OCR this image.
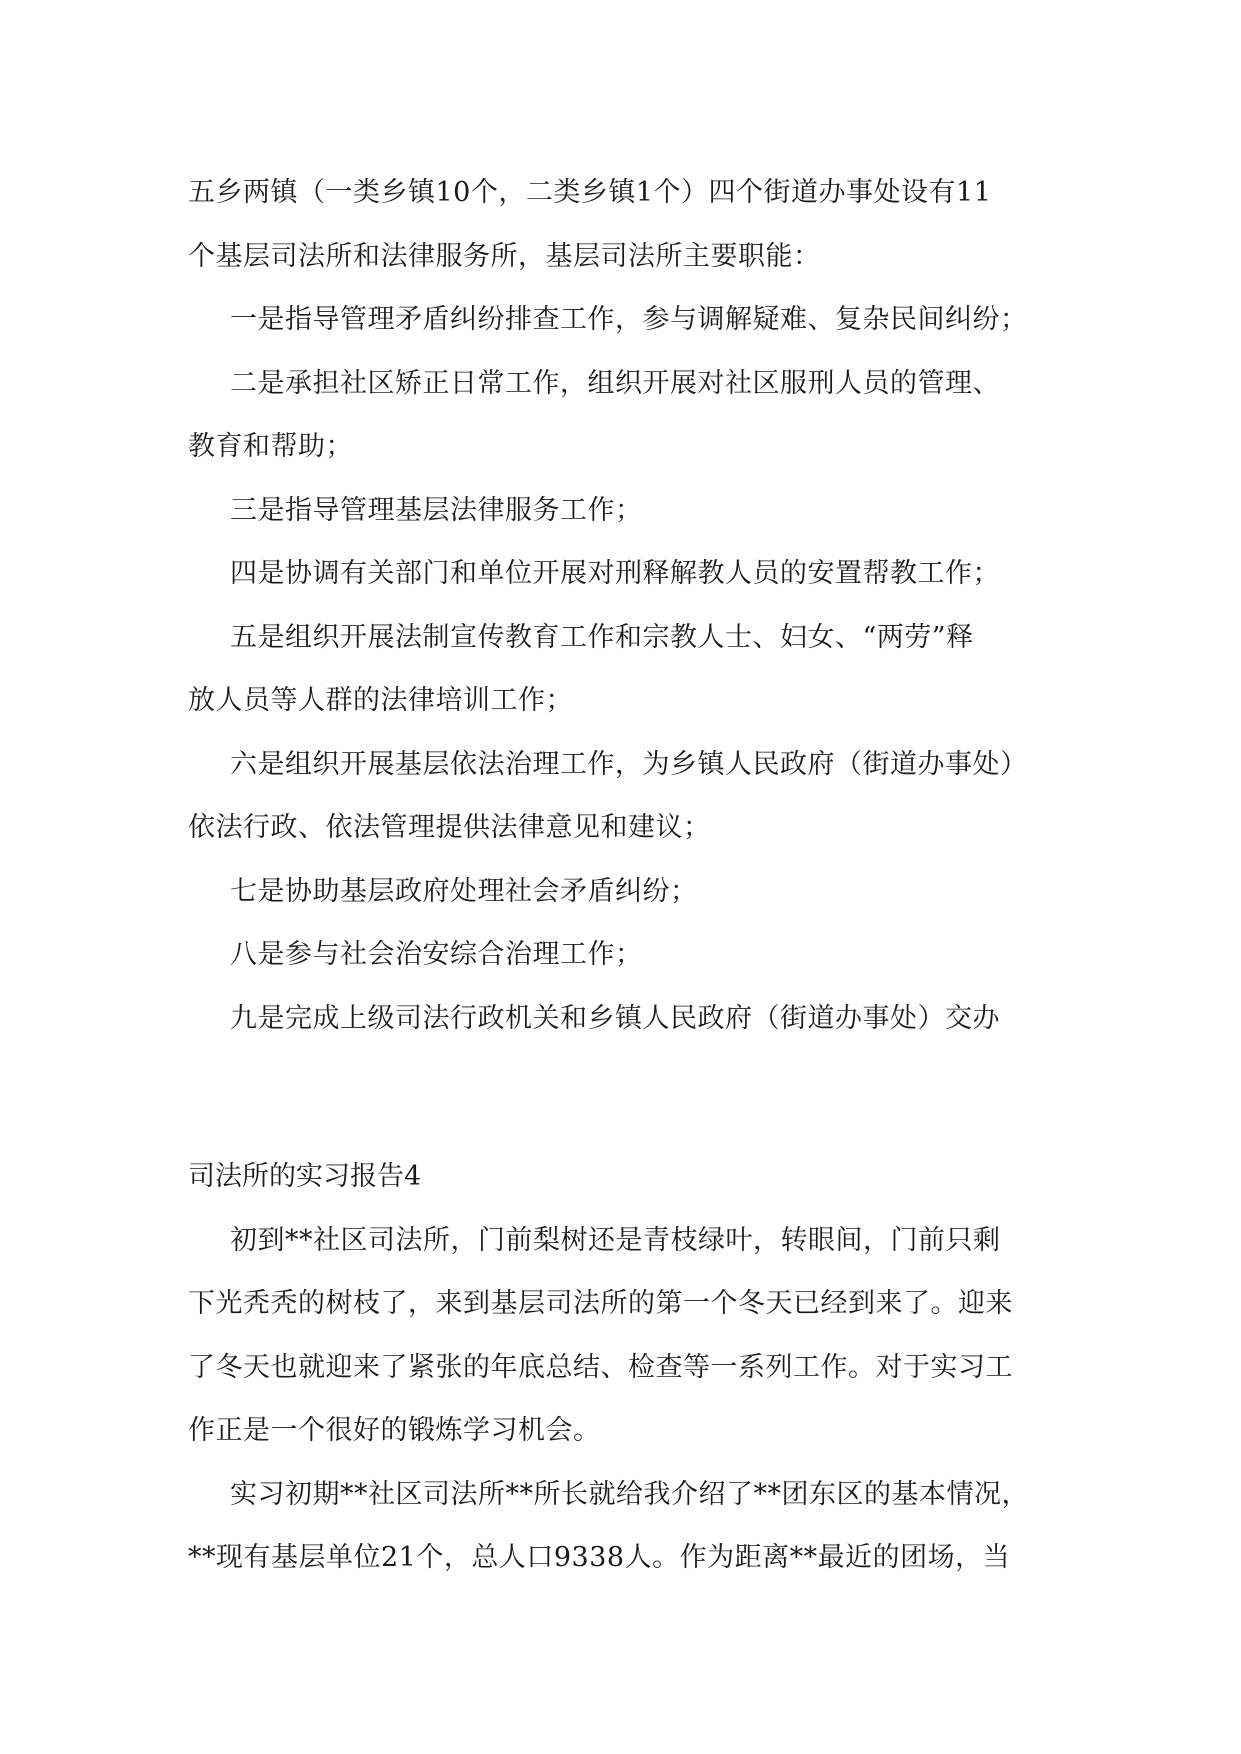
五乡两镇（一类乡镇10个，二类乡镇1个）四个街道办事处设有11
个基层司法所和法律服务所，基层司法所主要职能：
一是指导管理矛盾纠纷排查工作，参与调解疑难、复杂民间纠纷；
二是承担社区矫正日常工作，组织开展对社区服刑人员的管理、
教育和帮助；
三是指导管理基层法律服务工作；
四是协调有关部门和单位开展对刑释解教人员的安置帮教工作；
五是组织开展法制宣传教育工作和宗教人士、妇女、“两劳”释
放人员等人群的法律培训工作；
六是组织开展基层依法治理工作，为乡镇人民政府（街道办事处）
依法行政、依法管理提供法律意见和建议；
七是协助基层政府处理社会矛盾纠纷；
八是参与社会治安综合治理工作；
九是完成上级司法行政机关和乡镇人民政府（街道办事处）交办
司法所的实习报告4
初到**社区司法所，门前梨树还是青枝绿叶，转眼间，门前只剩
下光秃秃的树枝了，来到基层司法所的第一个冬天已经到来了。迎来
了冬天也就迎来了紧张的年底总结、检查等一系列工作。对于实习工
作正是一个很好的锻炼学习机会。
实习初期**社区司法所**所长就给我介绍了**团东区的基本情况，
**现有基层单位21个，总人口9338人。作为距离**最近的团场，当
